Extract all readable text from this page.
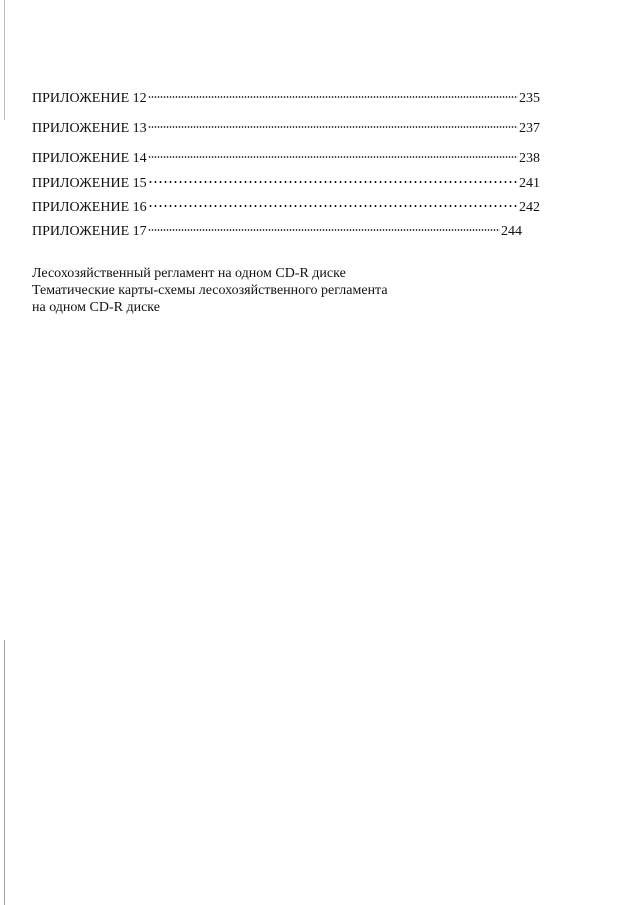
ПРИЛОЖЕНИЕ 12	235
ПРИЛОЖЕНИЕ 13	237
ПРИЛОЖЕНИЕ 14	238
ПРИЛОЖЕНИЕ 15	241
ПРИЛОЖЕНИЕ 16	242
ПРИЛОЖЕНИЕ 17	244
Лесохозяйственный регламент на одном CD-R диске
Тематические карты-схемы лесохозяйственного регламента
на одном CD-R диске
